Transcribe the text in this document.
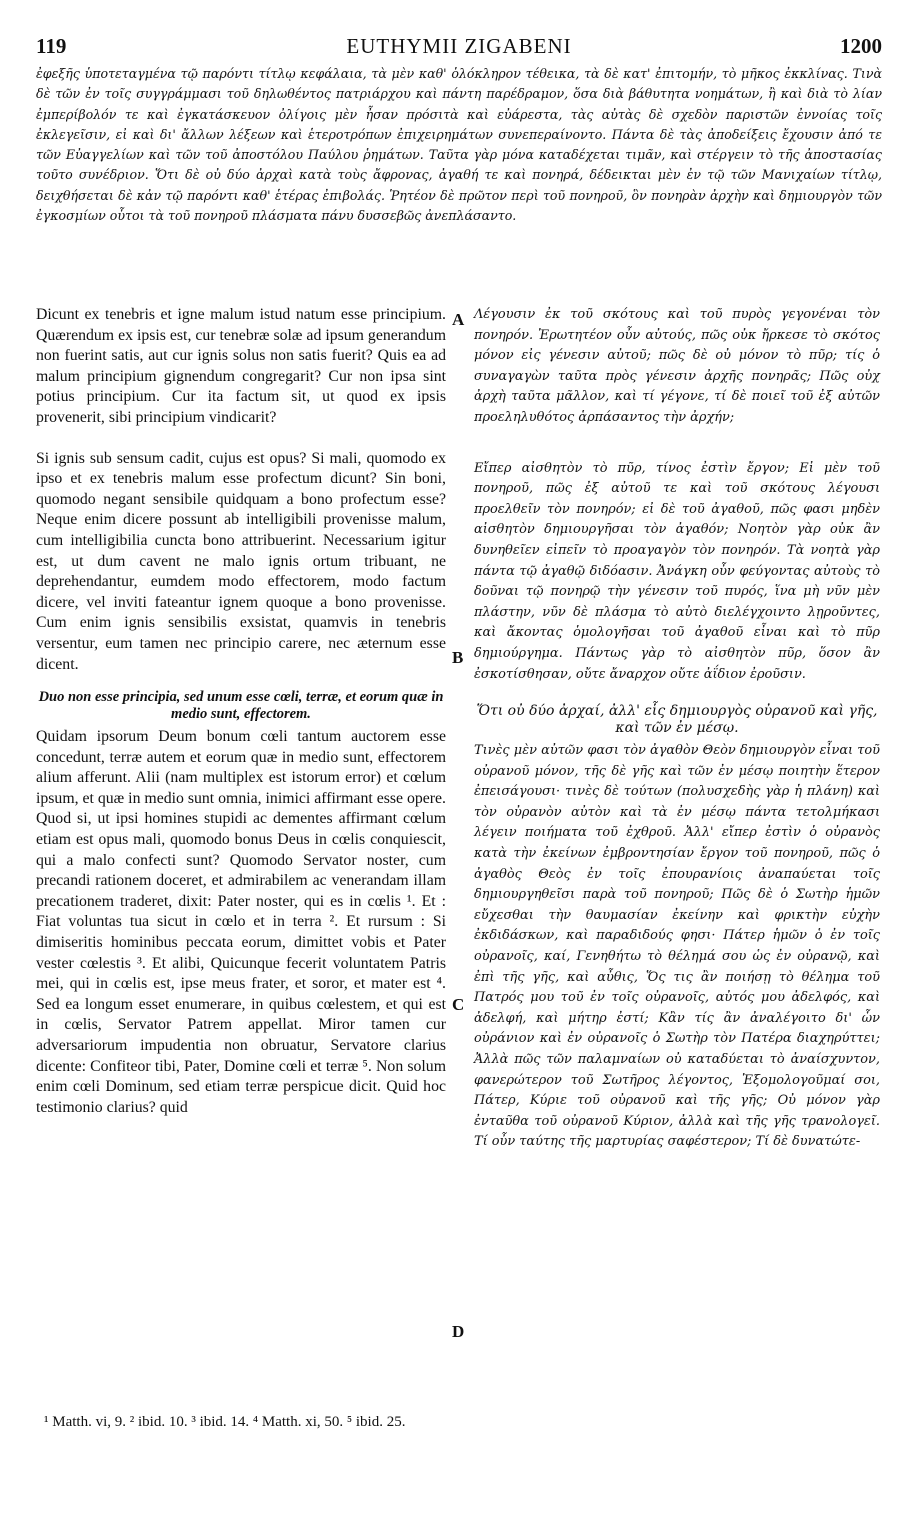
119	EUTHYMII ZIGABENI	1200

ἐφεξῆς ὑποτεταγμένα τῷ παρόντι τίτλῳ κεφάλαια, τὰ μὲν καθ' ὁλόκληρον τέθεικα, τὰ δὲ κατ' ἐπιτομήν, τὸ μῆκος ἐκκλίνας. Τινὰ δὲ τῶν ἐν τοῖς συγγράμμασι τοῦ δηλωθέντος πατριάρχου καὶ πάντη παρέδραμον, ὅσα διὰ βάθυτητα νοημάτων, ἢ καὶ διὰ τὸ λίαν ἐμπερίβολόν τε καὶ ἐγκατάσκευον ὀλίγοις μὲν ἦσαν πρόσιτὰ καὶ εὐάρεστα, τὰς αὐτὰς δὲ σχεδὸν παριστῶν ἐννοίας τοῖς ἐκλεγεῖσιν, εἰ καὶ δι' ἄλλων λέξεων καὶ ἑτεροτρόπων ἐπιχειρημάτων συνεπεραίνοντο. Πάντα δὲ τὰς ἀποδείξεις ἔχουσιν ἀπό τε τῶν Εὐαγγελίων καὶ τῶν τοῦ ἀποστόλου Παύλου ῥημάτων. Ταῦτα γὰρ μόνα καταδέχεται τιμᾶν, καὶ στέργειν τὸ τῆς ἀποστασίας τοῦτο συνέδριον. Ὅτι δὲ οὐ δύο ἀρχαὶ κατὰ τοὺς ἄφρονας, ἀγαθή τε καὶ πονηρά, δέδεικται μὲν ἐν τῷ τῶν Μανιχαίων τίτλῳ, δειχθήσεται δὲ κἀν τῷ παρόντι καθ' ἑτέρας ἐπιβολάς. Ῥητέον δὲ πρῶτον περὶ τοῦ πονηροῦ, ὃν πονηρὰν ἀρχὴν καὶ δημιουργὸν τῶν ἐγκοσμίων οὗτοι τὰ τοῦ πονηροῦ πλάσματα πάνυ δυσσεβῶς ἀνεπλάσαντο.

Dicunt ex tenebris et igne malum istud natum esse principium. Quærendum ex ipsis est, cur tenebræ solæ ad ipsum generandum non fuerint satis, aut cur ignis solus non satis fuerit? Quis ea ad malum principium gignendum congregarit? Cur non ipsa sint potius principium. Cur ita factum sit, ut quod ex ipsis provenerit, sibi principium vindicarit?

Si ignis sub sensum cadit, cujus est opus? Si mali, quomodo ex ipso et ex tenebris malum esse profectum dicunt? Sin boni, quomodo negant sensibile quidquam a bono profectum esse? Neque enim dicere possunt ab intelligibili provenisse malum, cum intelligibilia cuncta bono attribuerint. Necessarium igitur est, ut dum cavent ne malo ignis ortum tribuant, ne deprehendantur, eumdem modo effectorem, modo factum dicere, vel inviti fateantur ignem quoque a bono provenisse. Cum enim ignis sensibilis exsistat, quamvis in tenebris versentur, eum tamen nec principio carere, nec æternum esse dicent.

Duo non esse principia, sed unum esse cœli, terræ, et eorum quæ in medio sunt, effectorem.

Quidam ipsorum Deum bonum cœli tantum auctorem esse concedunt, terræ autem et eorum quæ in medio sunt, effectorem alium afferunt. Alii (nam multiplex est istorum error) et cœlum ipsum, et quæ in medio sunt omnia, inimici affirmant esse opere. Quod si, ut ipsi homines stupidi ac dementes affirmant cœlum etiam est opus mali, quomodo bonus Deus in cœlis conquiescit, qui a malo confecti sunt? Quomodo Servator noster, cum precandi rationem doceret, et admirabilem ac venerandam illam precationem traderet, dixit: Pater noster, qui es in cœlis ¹. Et : Fiat voluntas tua sicut in cœlo et in terra ². Et rursum : Si dimiseritis hominibus peccata eorum, dimittet vobis et Pater vester cœlestis ³. Et alibi, Quicunque fecerit voluntatem Patris mei, qui in cœlis est, ipse meus frater, et soror, et mater est ⁴. Sed ea longum esset enumerare, in quibus cœlestem, et qui est in cœlis, Servator Patrem appellat. Miror tamen cur adversariorum impudentia non obruatur, Servatore clarius dicente: Confiteor tibi, Pater, Domine cœli et terræ ⁵. Non solum enim cœli Dominum, sed etiam terræ perspicue dicit. Quid hoc testimonio clarius? quid

Λέγουσιν ἐκ τοῦ σκότους καὶ τοῦ πυρὸς γεγονέναι τὸν πονηρόν. Ἐρωτητέον οὖν αὐτούς, πῶς οὐκ ἤρκεσε τὸ σκότος μόνον εἰς γένεσιν αὐτοῦ; πῶς δὲ οὐ μόνον τὸ πῦρ; τίς ὁ συναγαγὼν ταῦτα πρὸς γένεσιν ἀρχῆς πονηρᾶς; Πῶς οὐχ ἀρχὴ ταῦτα μᾶλλον, καὶ τί γέγονε, τί δὲ ποιεῖ τοῦ ἐξ αὐτῶν προεληλυθότος ἁρπάσαντος τὴν ἀρχήν;

Εἴπερ αἰσθητὸν τὸ πῦρ, τίνος ἐστὶν ἔργον; Εἰ μὲν τοῦ πονηροῦ, πῶς ἐξ αὐτοῦ τε καὶ τοῦ σκότους λέγουσι προελθεῖν τὸν πονηρόν; εἰ δὲ τοῦ ἀγαθοῦ, πῶς φασι μηδὲν αἰσθητὸν δημιουργῆσαι τὸν ἀγαθόν; Νοητὸν γὰρ οὐκ ἂν δυνηθεῖεν εἰπεῖν τὸ προαγαγὸν τὸν πονηρόν. Τὰ νοητὰ γὰρ πάντα τῷ ἀγαθῷ διδόασιν. Ἀνάγκη οὖν φεύγοντας αὐτοὺς τὸ δοῦναι τῷ πονηρῷ τὴν γένεσιν τοῦ πυρός, ἵνα μὴ νῦν μὲν πλάστην, νῦν δὲ πλάσμα τὸ αὐτὸ διελέγχοιντο λῃροῦντες, καὶ ἄκοντας ὁμολογῆσαι τοῦ ἀγαθοῦ εἶναι καὶ τὸ πῦρ δημιούργημα. Πάντως γὰρ τὸ αἰσθητὸν πῦρ, ὅσον ἂν ἐσκοτίσθησαν, οὔτε ἄναρχον οὔτε ἀΐδιον ἐροῦσιν.

Ὅτι οὐ δύο ἀρχαί, ἀλλ' εἷς δημιουργὸς οὐρανοῦ καὶ γῆς, καὶ τῶν ἐν μέσῳ.

Τινὲς μὲν αὐτῶν φασι τὸν ἀγαθὸν Θεὸν δημιουργὸν εἶναι τοῦ οὐρανοῦ μόνον, τῆς δὲ γῆς καὶ τῶν ἐν μέσῳ ποιητὴν ἕτερον ἐπεισάγουσι· τινὲς δὲ τούτων (πολυσχεδὴς γὰρ ἡ πλάνη) καὶ τὸν οὐρανὸν αὐτὸν καὶ τὰ ἐν μέσῳ πάντα τετολμήκασι λέγειν ποιήματα τοῦ ἐχθροῦ. Ἀλλ' εἴπερ ἐστὶν ὁ οὐρανὸς κατὰ τὴν ἐκείνων ἐμβροντησίαν ἔργον τοῦ πονηροῦ, πῶς ὁ ἀγαθὸς Θεὸς ἐν τοῖς ἐπουρανίοις ἀναπαύεται τοῖς δημιουργηθεῖσι παρὰ τοῦ πονηροῦ; Πῶς δὲ ὁ Σωτὴρ ἡμῶν εὔχεσθαι τὴν θαυμασίαν ἐκείνην καὶ φρικτὴν εὐχὴν ἐκδιδάσκων, καὶ παραδιδούς φησι· Πάτερ ἡμῶν ὁ ἐν τοῖς οὐρανοῖς, καί, Γενηθήτω τὸ θέλημά σου ὡς ἐν οὐρανῷ, καὶ ἐπὶ τῆς γῆς, καὶ αὖθις, Ὅς τις ἂν ποιήσῃ τὸ θέλημα τοῦ Πατρός μου τοῦ ἐν τοῖς οὐρανοῖς, αὐτός μου ἀδελφός, καὶ ἀδελφή, καὶ μήτηρ ἐστί; Κἂν τίς ἂν ἀναλέγοιτο δι' ὧν οὐράνιον καὶ ἐν οὐρανοῖς ὁ Σωτὴρ τὸν Πατέρα διαχηρύττει; Ἀλλὰ πῶς τῶν παλαμναίων οὐ καταδύεται τὸ ἀναίσχυντον, φανερώτερον τοῦ Σωτῆρος λέγοντος, Ἐξομολογοῦμαί σοι, Πάτερ, Κύριε τοῦ οὐρανοῦ καὶ τῆς γῆς; Οὐ μόνον γὰρ ἐνταῦθα τοῦ οὐρανοῦ Κύριον, ἀλλὰ καὶ τῆς γῆς τρανολογεῖ. Τί οὖν ταύτης τῆς μαρτυρίας σαφέστερον; Τί δὲ δυνατώτε-

A
B
C
D
¹ Matth. vi, 9. ² ibid. 10. ³ ibid. 14. ⁴ Matth. xi, 50. ⁵ ibid. 25.
